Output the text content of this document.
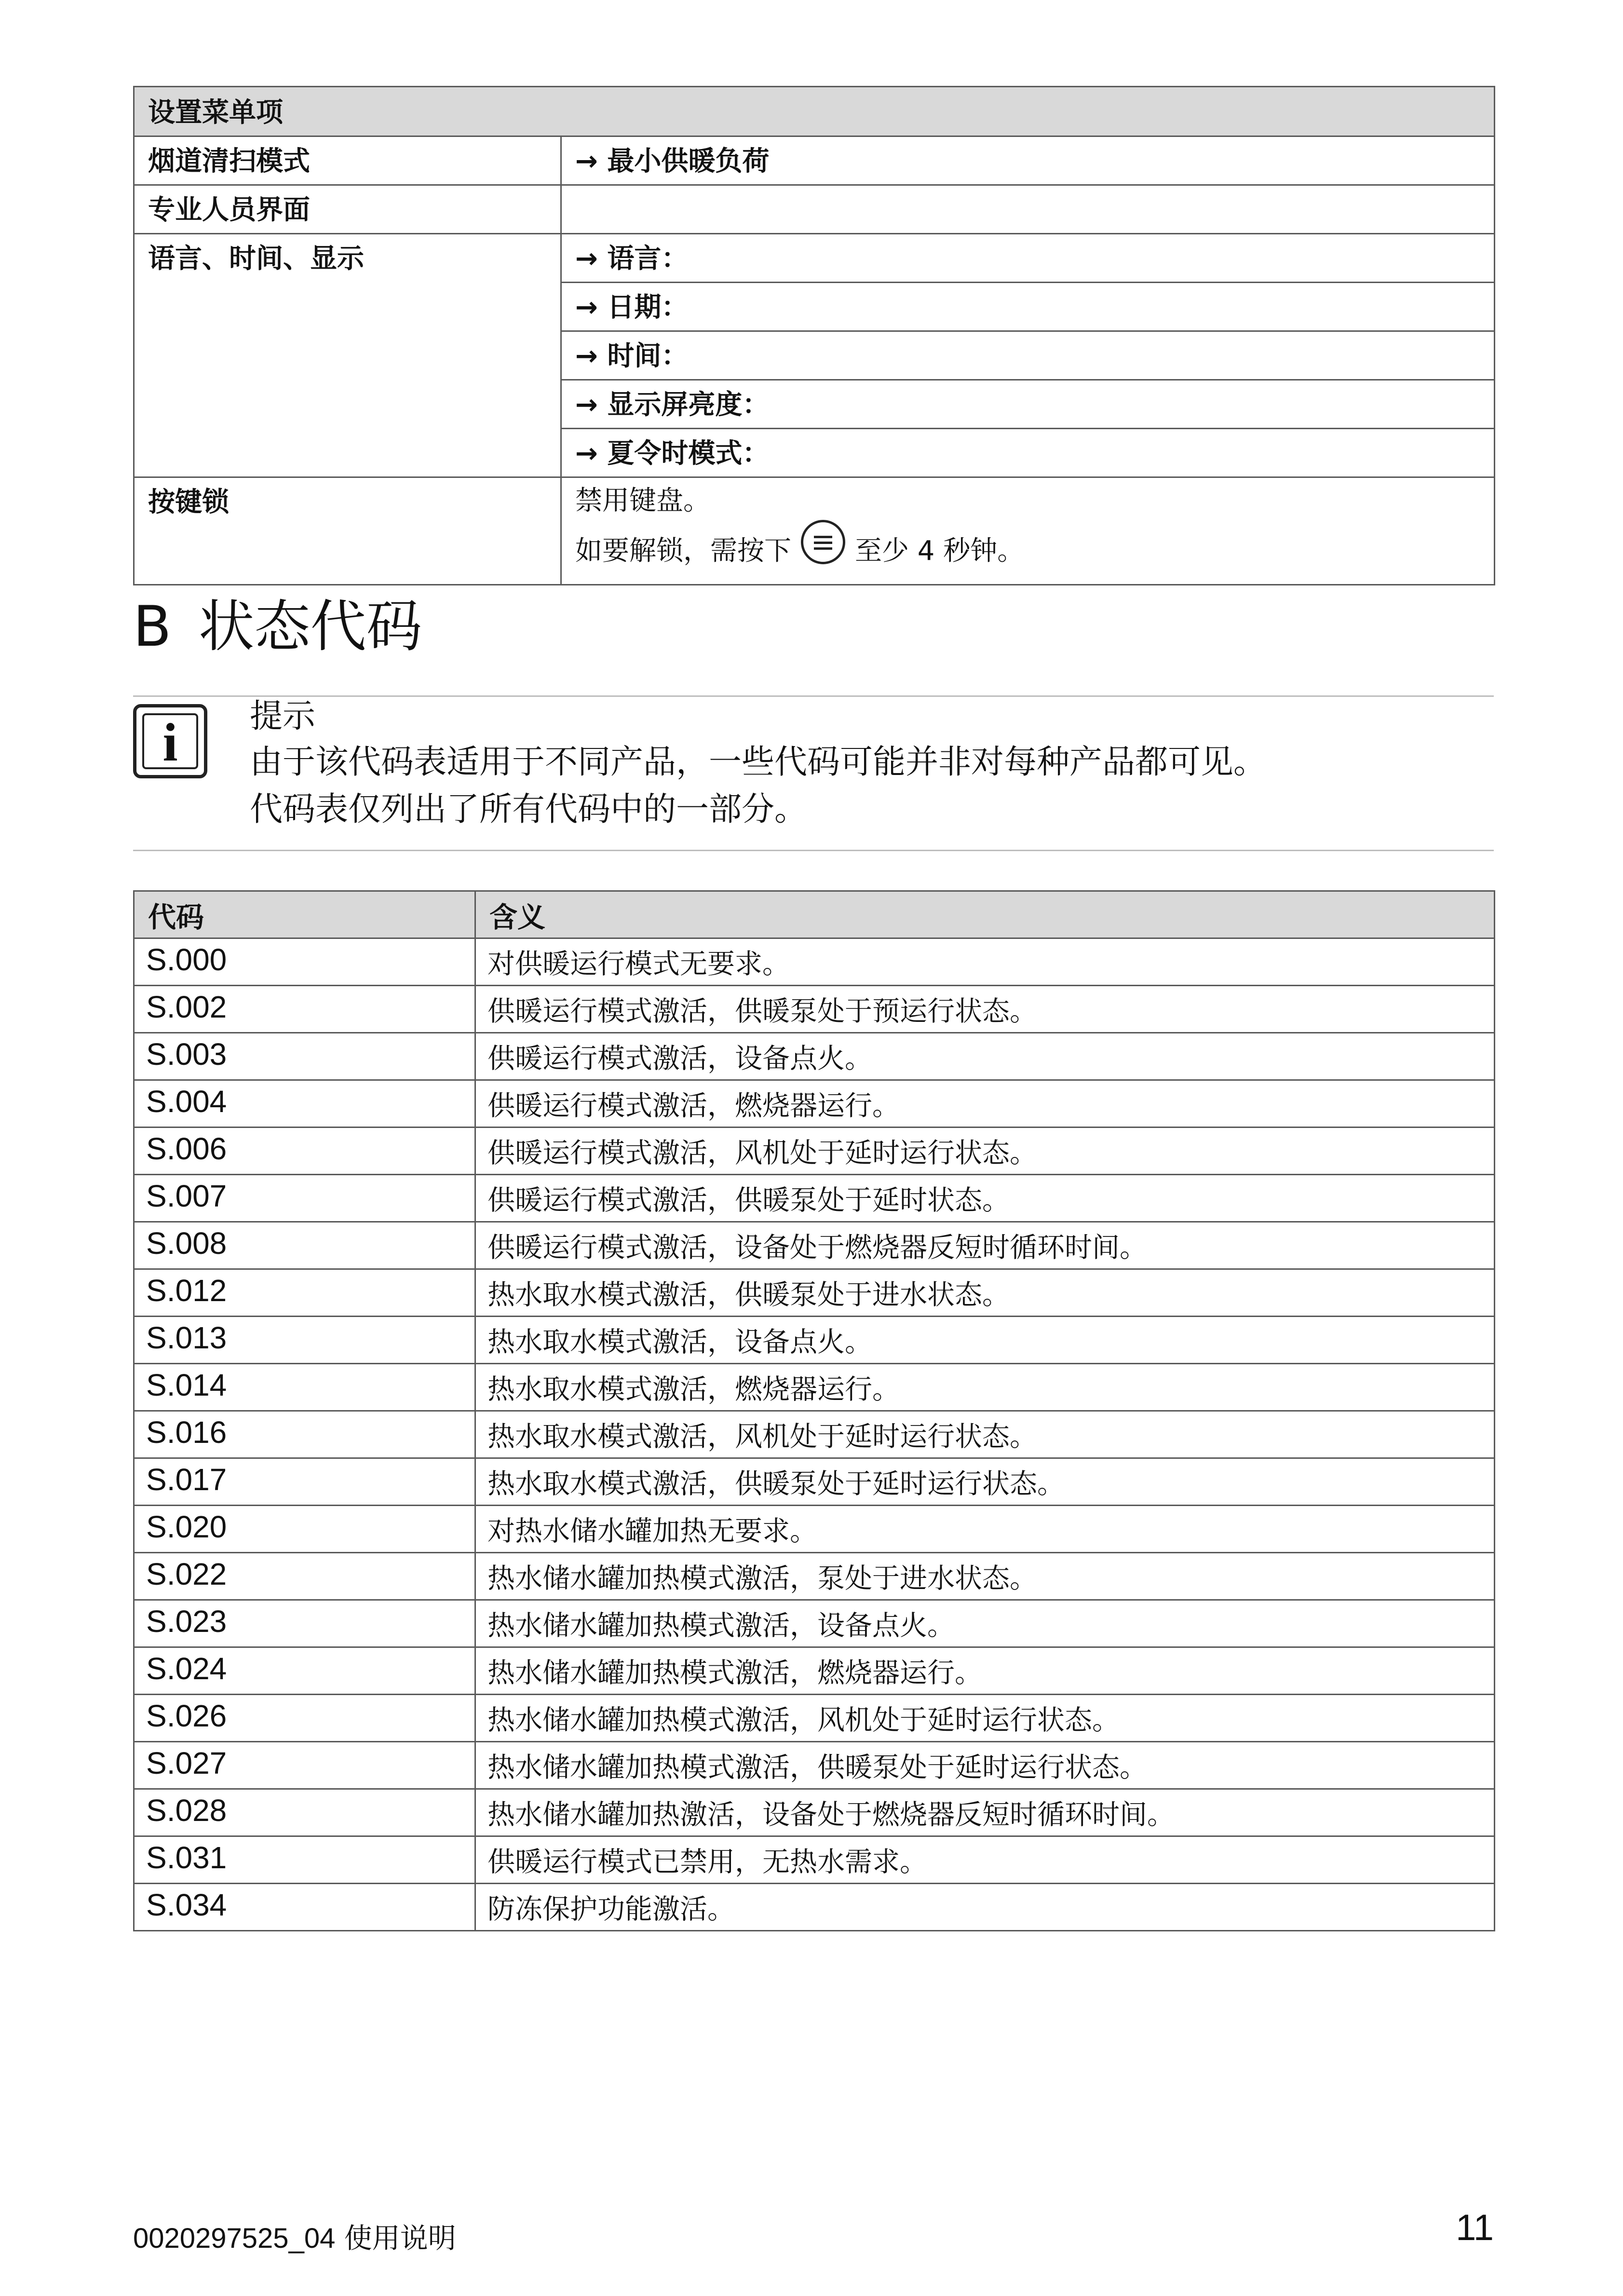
设置菜单项	
烟道清扫模式	→ 最小供暖负荷
专业人员界面	
语言、时间、显示	→ 语言：
	→ 日期：
	→ 时间：
	→ 显示屏亮度：
	→ 夏令时模式：
按键锁	禁用键盘。
如要解锁，需按下 至少 4 秒钟。
B 状态代码
i	提示
由于该代码表适用于不同产品，一些代码可能并非对每种产品都可见。
代码表仅列出了所有代码中的一部分。
代码	含义
S.000	对供暖运行模式无要求。
S.002	供暖运行模式激活，供暖泵处于预运行状态。
S.003	供暖运行模式激活，设备点火。
S.004	供暖运行模式激活，燃烧器运行。
S.006	供暖运行模式激活，风机处于延时运行状态。
S.007	供暖运行模式激活，供暖泵处于延时状态。
S.008	供暖运行模式激活，设备处于燃烧器反短时循环时间。
S.012	热水取水模式激活，供暖泵处于进水状态。
S.013	热水取水模式激活，设备点火。
S.014	热水取水模式激活，燃烧器运行。
S.016	热水取水模式激活，风机处于延时运行状态。
S.017	热水取水模式激活，供暖泵处于延时运行状态。
S.020	对热水储水罐加热无要求。
S.022	热水储水罐加热模式激活，泵处于进水状态。
S.023	热水储水罐加热模式激活，设备点火。
S.024	热水储水罐加热模式激活，燃烧器运行。
S.026	热水储水罐加热模式激活，风机处于延时运行状态。
S.027	热水储水罐加热模式激活，供暖泵处于延时运行状态。
S.028	热水储水罐加热激活，设备处于燃烧器反短时循环时间。
S.031	供暖运行模式已禁用，无热水需求。
S.034	防冻保护功能激活。
0020297525_04 使用说明	11
